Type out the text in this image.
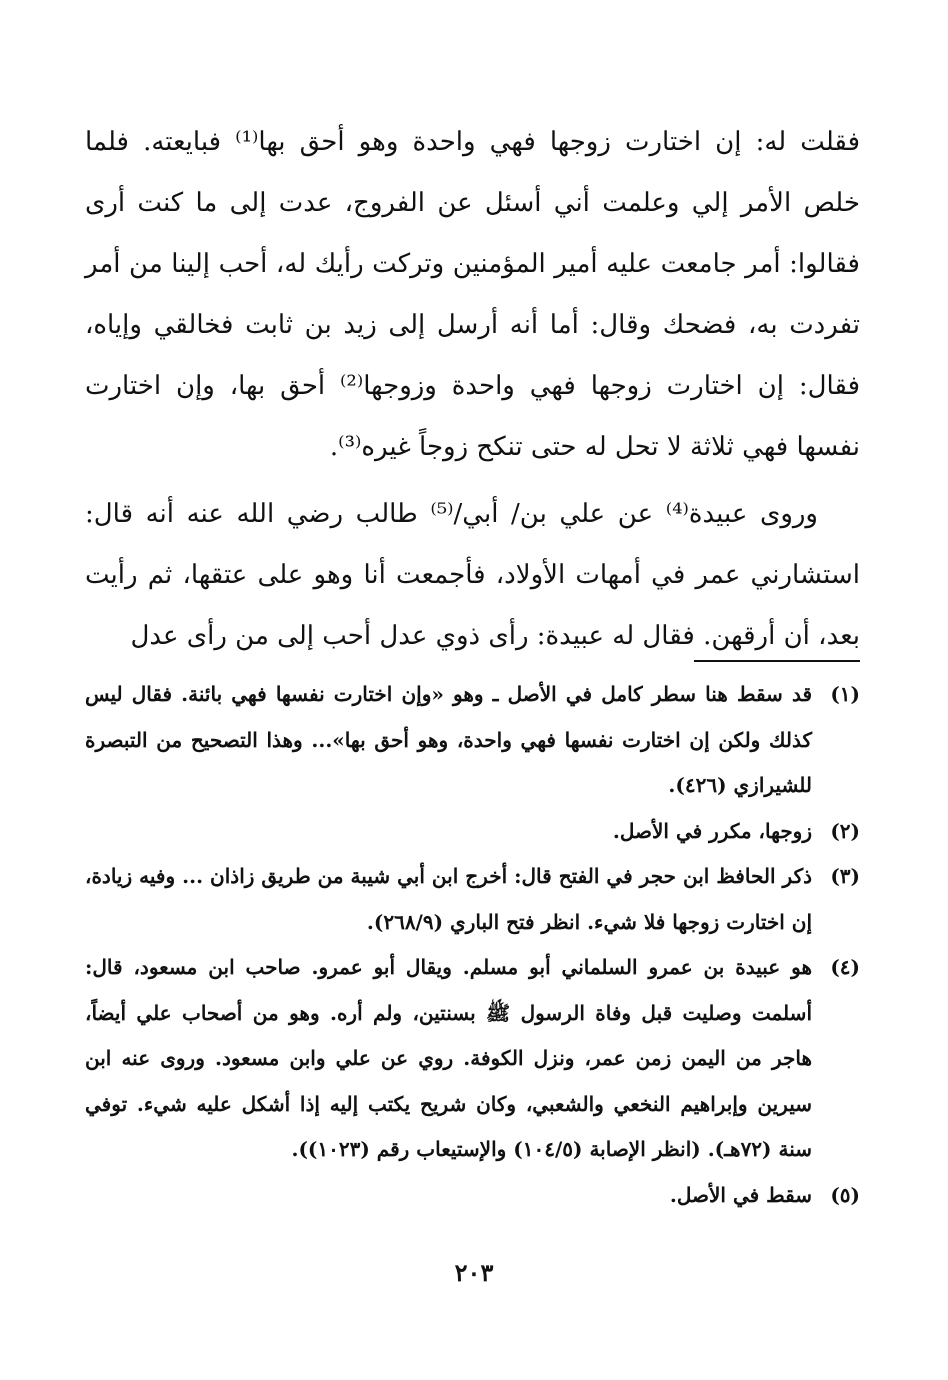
فقلت له: إن اختارت زوجها فهي واحدة وهو أحق بها⁽¹⁾ فبايعته. فلما خلص الأمر إلي وعلمت أني أسئل عن الفروج، عدت إلى ما كنت أرى فقالوا: أمر جامعت عليه أمير المؤمنين وتركت رأيك له، أحب إلينا من أمر تفردت به، فضحك وقال: أما أنه أرسل إلى زيد بن ثابت فخالقي وإياه، فقال: إن اختارت زوجها فهي واحدة وزوجها⁽²⁾ أحق بها، وإن اختارت نفسها فهي ثلاثة لا تحل له حتى تنكح زوجاً غيره⁽³⁾.

وروى عبيدة⁽⁴⁾ عن علي بن/ أبي/⁽⁵⁾ طالب رضي الله عنه أنه قال: استشارني عمر في أمهات الأولاد، فأجمعت أنا وهو على عتقها، ثم رأيت بعد، أن أرقهن. فقال له عبيدة: رأى ذوي عدل أحب إلى من رأى عدل

(١)
قد سقط هنا سطر كامل في الأصل ـ وهو «وإن اختارت نفسها فهي بائنة. فقال ليس كذلك ولكن إن اختارت نفسها فهي واحدة، وهو أحق بها»... وهذا التصحيح من التبصرة للشيرازي (٤٢٦).
(٢)
زوجها، مكرر في الأصل.
(٣)
ذكر الحافظ ابن حجر في الفتح قال: أخرج ابن أبي شيبة من طريق زاذان ... وفيه زيادة، إن اختارت زوجها فلا شيء. انظر فتح الباري (٢٦٨/٩).
(٤)
هو عبيدة بن عمرو السلماني أبو مسلم. ويقال أبو عمرو. صاحب ابن مسعود، قال: أسلمت وصليت قبل وفاة الرسول ﷺ بسنتين، ولم أره. وهو من أصحاب علي أيضاً، هاجر من اليمن زمن عمر، ونزل الكوفة. روي عن علي وابن مسعود. وروى عنه ابن سيرين وإبراهيم النخعي والشعبي، وكان شريح يكتب إليه إذا أشكل عليه شيء. توفي سنة (٧٢هـ). (انظر الإصابة (١٠٤/٥) والإستيعاب رقم (١٠٢٣)).
(٥)
سقط في الأصل.
٢٠٣
